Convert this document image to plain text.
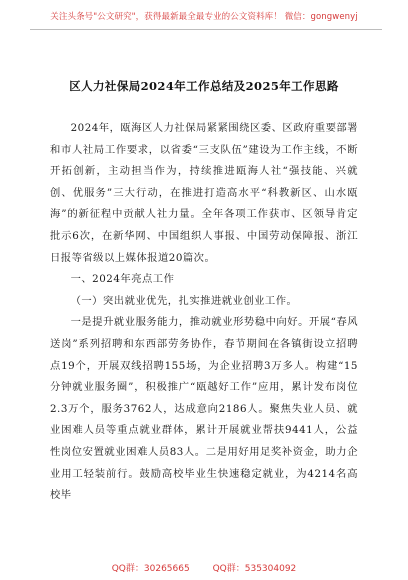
关注头条号"公文研究"，获得最新最全最专业的公文资料库！ 微信：gongwenyj
区人力社保局2024年工作总结及2025年工作思路

2024年，瓯海区人力社保局紧紧围绕区委、区政府重要部署和市人社局工作要求，以省委“三支队伍”建设为工作主线，不断开拓创新，主动担当作为，持续推进瓯海人社“强技能、兴就创、优服务”三大行动，在推进打造高水平“科教新区、山水瓯海”的新征程中贡献人社力量。全年各项工作获市、区领导肯定批示6次，在新华网、中国组织人事报、中国劳动保障报、浙江日报等省级以上媒体报道20篇次。

一、2024年亮点工作

（一）突出就业优先，扎实推进就业创业工作。

一是提升就业服务能力，推动就业形势稳中向好。开展“春风送岗”系列招聘和东西部劳务协作，春节期间在各镇街设立招聘点19个，开展双线招聘155场，为企业招聘3万多人。构建“15分钟就业服务圈”，积极推广“瓯越好工作”应用，累计发布岗位2.3万个，服务3762人，达成意向2186人。聚焦失业人员、就业困难人员等重点就业群体，累计开展就业帮扶9441人，公益性岗位安置就业困难人员83人。二是用好用足奖补资金，助力企业用工轻装前行。鼓励高校毕业生快速稳定就业，为4214名高校毕

QQ群：30265665	QQ群：535304092
